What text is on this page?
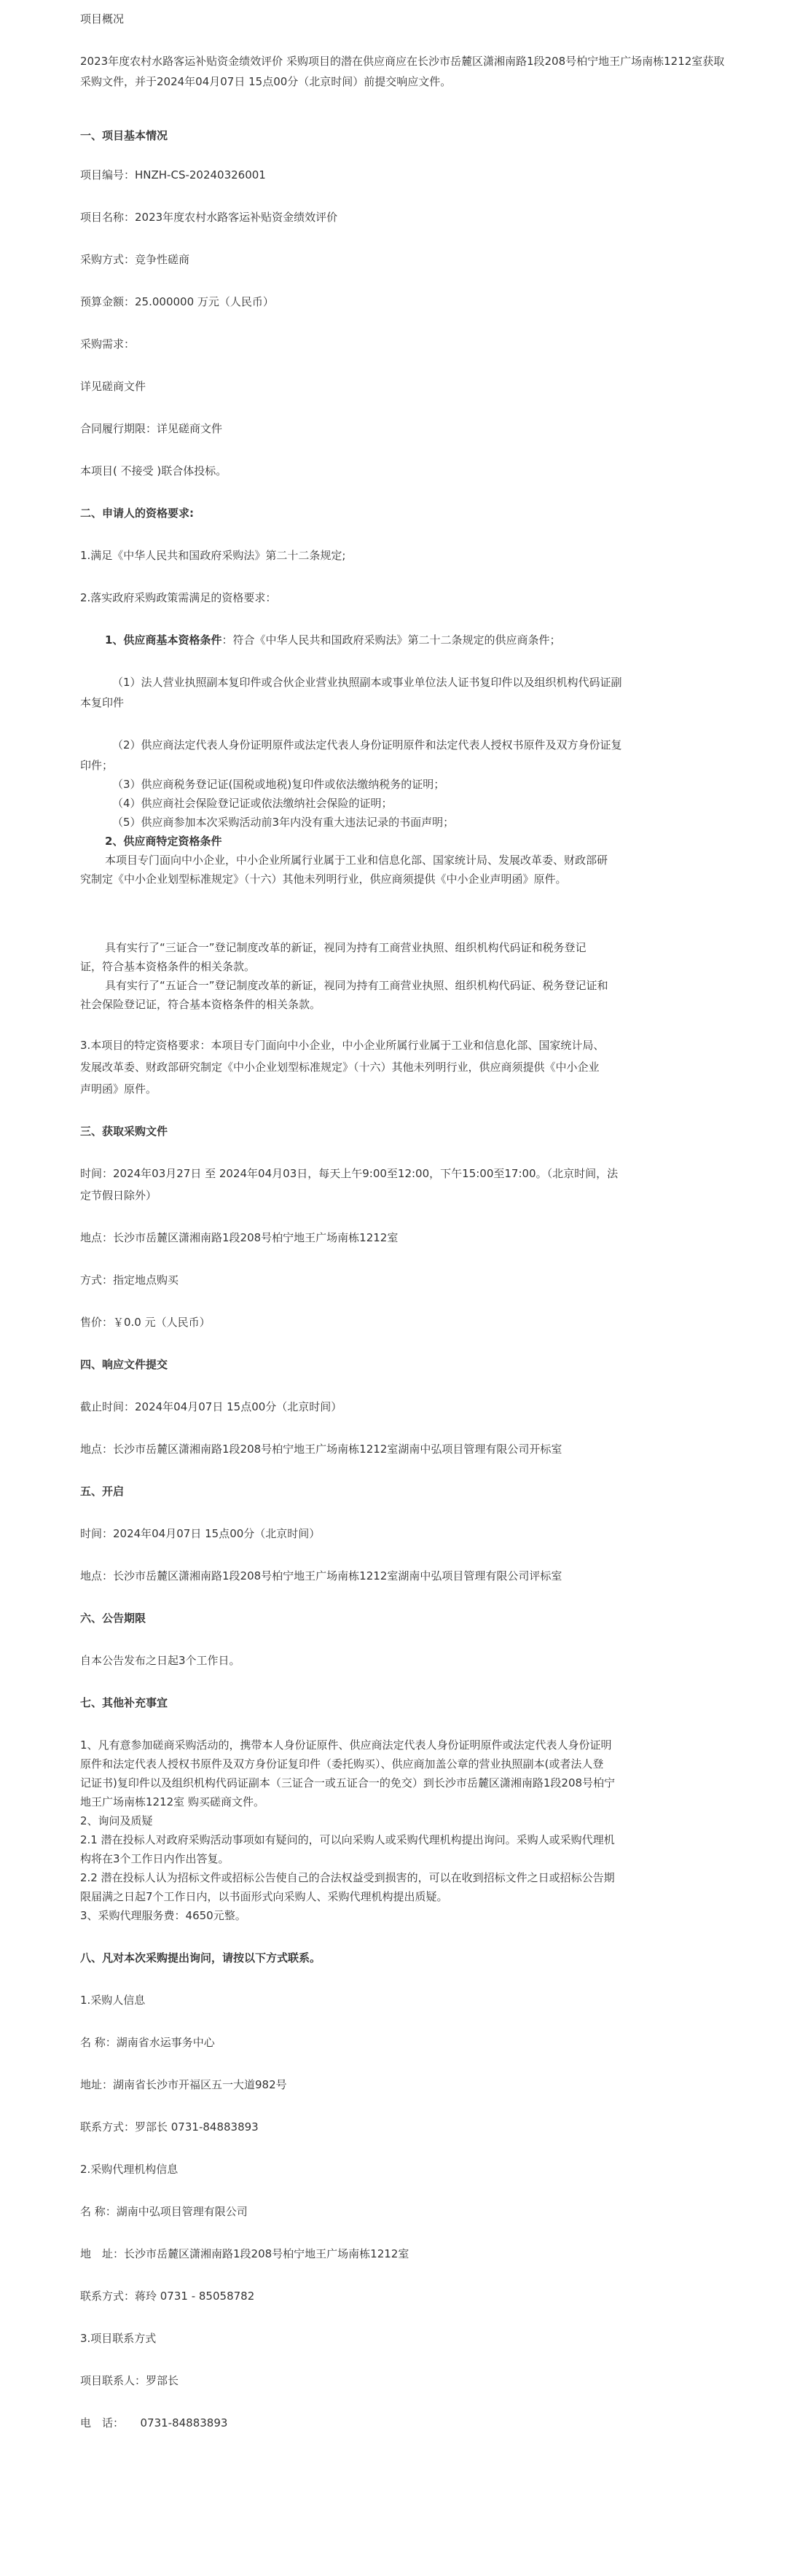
项目概况

2023年度农村水路客运补贴资金绩效评价 采购项目的潜在供应商应在长沙市岳麓区潇湘南路1段208号柏宁地王广场南栋1212室获取采购文件，并于2024年04月07日 15点00分（北京时间）前提交响应文件。

一、项目基本情况

项目编号：HNZH-CS-20240326001

项目名称：2023年度农村水路客运补贴资金绩效评价

采购方式：竞争性磋商

预算金额：25.000000 万元（人民币）

采购需求：

详见磋商文件

合同履行期限：详见磋商文件

本项目( 不接受 )联合体投标。

二、申请人的资格要求:

1.满足《中华人民共和国政府采购法》第二十二条规定;

2.落实政府采购政策需满足的资格要求：

1、供应商基本资格条件：符合《中华人民共和国政府采购法》第二十二条规定的供应商条件；

（1）法人营业执照副本复印件或合伙企业营业执照副本或事业单位法人证书复印件以及组织机构代码证副

本复印件

（2）供应商法定代表人身份证明原件或法定代表人身份证明原件和法定代表人授权书原件及双方身份证复

印件；

（3）供应商税务登记证(国税或地税)复印件或依法缴纳税务的证明；

（4）供应商社会保险登记证或依法缴纳社会保险的证明；

（5）供应商参加本次采购活动前3年内没有重大违法记录的书面声明；

2、供应商特定资格条件

本项目专门面向中小企业，中小企业所属行业属于工业和信息化部、国家统计局、发展改革委、财政部研

究制定《中小企业划型标准规定》（十六）其他未列明行业，供应商须提供《中小企业声明函》原件。

具有实行了“三证合一”登记制度改革的新证，视同为持有工商营业执照、组织机构代码证和税务登记

证，符合基本资格条件的相关条款。

具有实行了“五证合一”登记制度改革的新证，视同为持有工商营业执照、组织机构代码证、税务登记证和

社会保险登记证，符合基本资格条件的相关条款。

3.本项目的特定资格要求：本项目专门面向中小企业，中小企业所属行业属于工业和信息化部、国家统计局、

发展改革委、财政部研究制定《中小企业划型标准规定》（十六）其他未列明行业，供应商须提供《中小企业

声明函》原件。

三、获取采购文件

时间：2024年03月27日 至 2024年04月03日，每天上午9:00至12:00，下午15:00至17:00。（北京时间，法

定节假日除外）

地点：长沙市岳麓区潇湘南路1段208号柏宁地王广场南栋1212室

方式：指定地点购买

售价：￥0.0 元（人民币）

四、响应文件提交

截止时间：2024年04月07日 15点00分（北京时间）

地点：长沙市岳麓区潇湘南路1段208号柏宁地王广场南栋1212室湖南中弘项目管理有限公司开标室

五、开启

时间：2024年04月07日 15点00分（北京时间）

地点：长沙市岳麓区潇湘南路1段208号柏宁地王广场南栋1212室湖南中弘项目管理有限公司评标室

六、公告期限

自本公告发布之日起3个工作日。

七、其他补充事宜

1、凡有意参加磋商采购活动的，携带本人身份证原件、供应商法定代表人身份证明原件或法定代表人身份证明

原件和法定代表人授权书原件及双方身份证复印件（委托购买）、供应商加盖公章的营业执照副本(或者法人登

记证书)复印件以及组织机构代码证副本（三证合一或五证合一的免交）到长沙市岳麓区潇湘南路1段208号柏宁

地王广场南栋1212室 购买磋商文件。

2、询问及质疑

2.1 潜在投标人对政府采购活动事项如有疑问的，可以向采购人或采购代理机构提出询问。采购人或采购代理机

构将在3个工作日内作出答复。

2.2 潜在投标人认为招标文件或招标公告使自己的合法权益受到损害的，可以在收到招标文件之日或招标公告期

限届满之日起7个工作日内，以书面形式向采购人、采购代理机构提出质疑。

3、采购代理服务费：4650元整。

八、凡对本次采购提出询问，请按以下方式联系。

1.采购人信息

名 称：湖南省水运事务中心

地址：湖南省长沙市开福区五一大道982号

联系方式：罗部长 0731-84883893

2.采购代理机构信息

名 称：湖南中弘项目管理有限公司

地　址：长沙市岳麓区潇湘南路1段208号柏宁地王广场南栋1212室

联系方式：蒋玲 0731 - 85058782

3.项目联系方式

项目联系人：罗部长

电　话：　　0731-84883893
